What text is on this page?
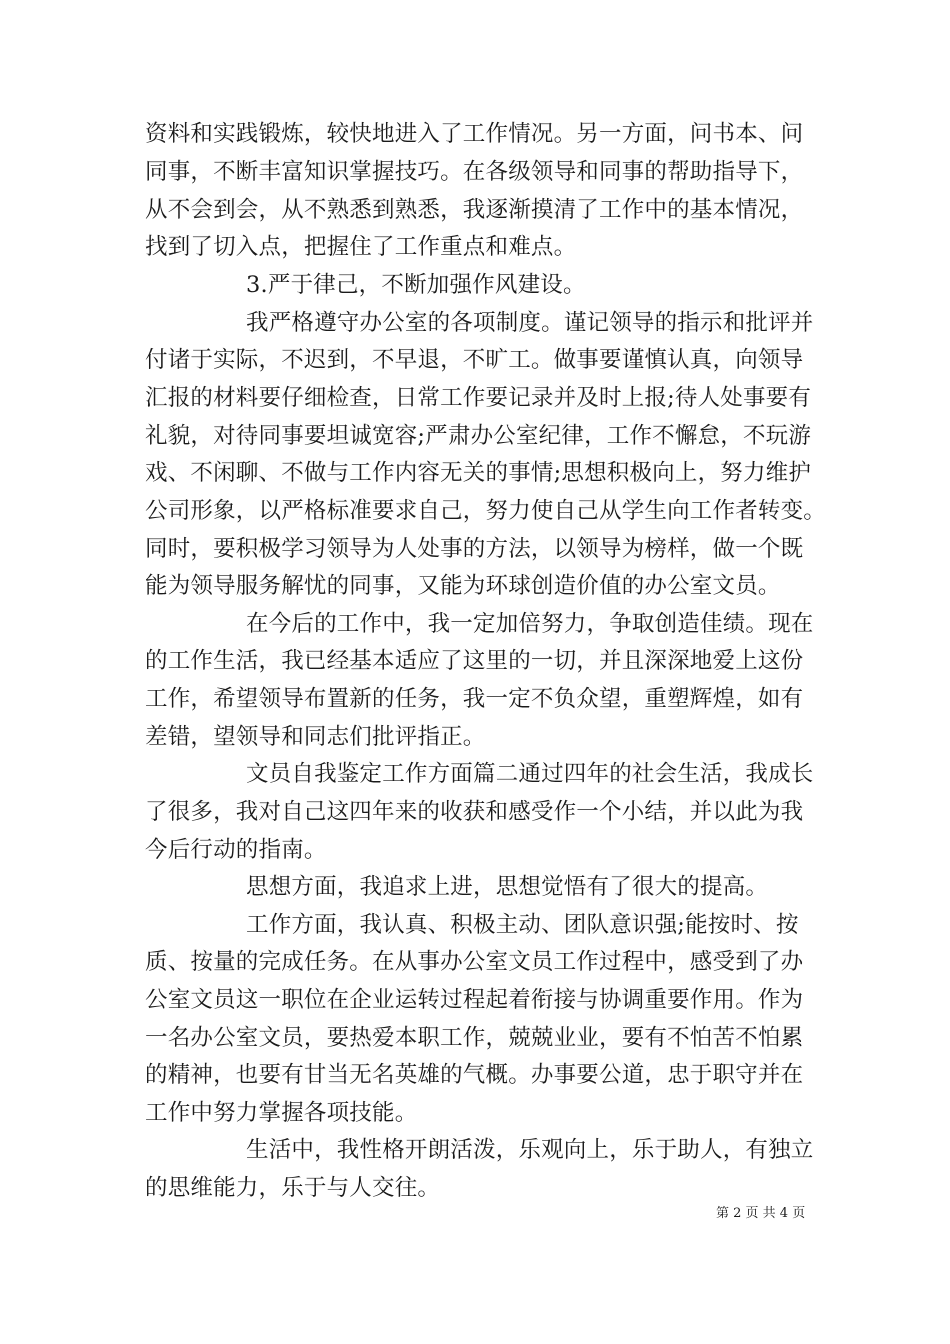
资料和实践锻炼，较快地进入了工作情况。另一方面，问书本、问
同事，不断丰富知识掌握技巧。在各级领导和同事的帮助指导下，
从不会到会，从不熟悉到熟悉，我逐渐摸清了工作中的基本情况，
找到了切入点，把握住了工作重点和难点。
3.严于律己，不断加强作风建设。
我严格遵守办公室的各项制度。谨记领导的指示和批评并
付诸于实际，不迟到，不早退，不旷工。做事要谨慎认真，向领导
汇报的材料要仔细检查，日常工作要记录并及时上报;待人处事要有
礼貌，对待同事要坦诚宽容;严肃办公室纪律，工作不懈怠，不玩游
戏、不闲聊、不做与工作内容无关的事情;思想积极向上，努力维护
公司形象，以严格标准要求自己，努力使自己从学生向工作者转变。
同时，要积极学习领导为人处事的方法，以领导为榜样，做一个既
能为领导服务解忧的同事，又能为环球创造价值的办公室文员。
在今后的工作中，我一定加倍努力，争取创造佳绩。现在
的工作生活，我已经基本适应了这里的一切，并且深深地爱上这份
工作，希望领导布置新的任务，我一定不负众望，重塑辉煌，如有
差错，望领导和同志们批评指正。
文员自我鉴定工作方面篇二通过四年的社会生活，我成长
了很多，我对自己这四年来的收获和感受作一个小结，并以此为我
今后行动的指南。
思想方面，我追求上进，思想觉悟有了很大的提高。
工作方面，我认真、积极主动、团队意识强;能按时、按
质、按量的完成任务。在从事办公室文员工作过程中，感受到了办
公室文员这一职位在企业运转过程起着衔接与协调重要作用。作为
一名办公室文员，要热爱本职工作，兢兢业业，要有不怕苦不怕累
的精神，也要有甘当无名英雄的气概。办事要公道，忠于职守并在
工作中努力掌握各项技能。
生活中，我性格开朗活泼，乐观向上，乐于助人，有独立
的思维能力，乐于与人交往。
第 2 页 共 4 页
